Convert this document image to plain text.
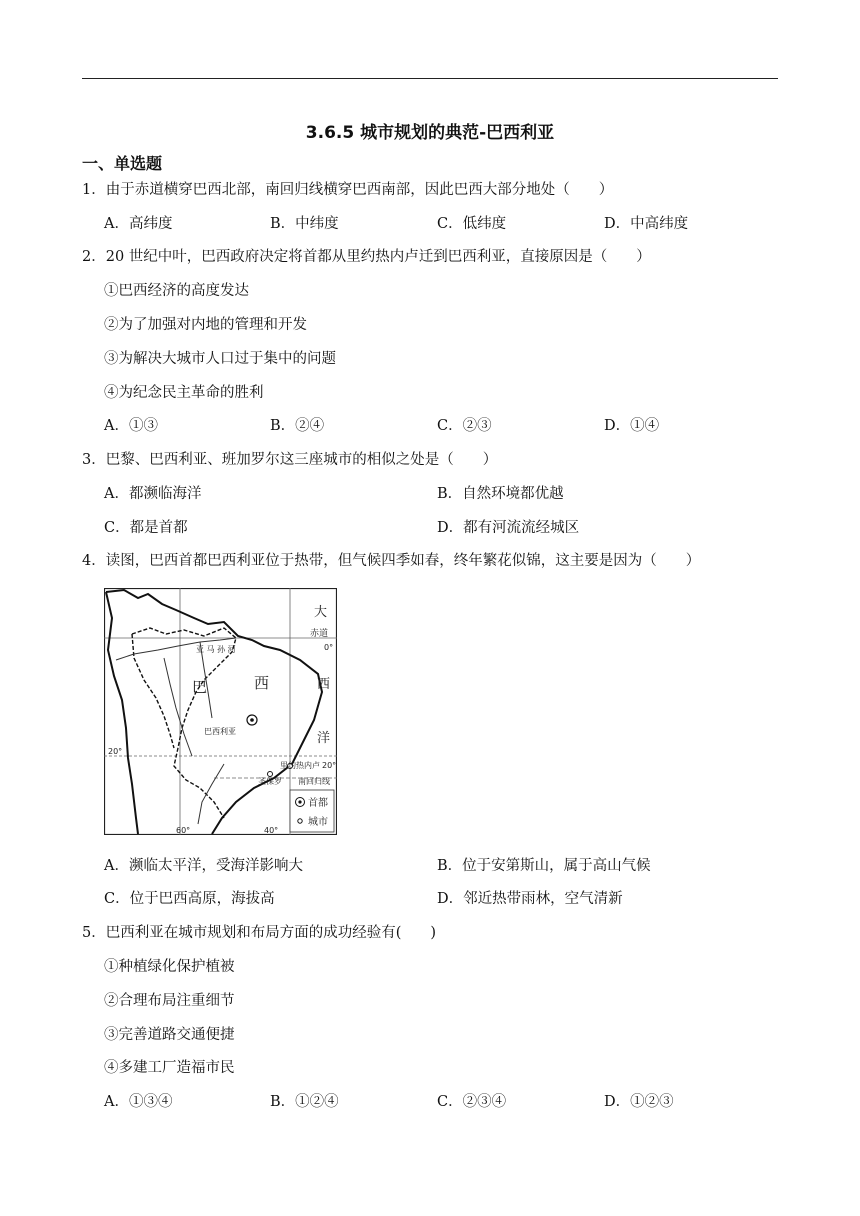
3.6.5 城市规划的典范-巴西利亚
一、单选题
1．由于赤道横穿巴西北部，南回归线横穿巴西南部，因此巴西大部分地处（　　）
A．高纬度	B．中纬度	C．低纬度	D．中高纬度
2．20 世纪中叶，巴西政府决定将首都从里约热内卢迁到巴西利亚，直接原因是（　　）
①巴西经济的高度发达
②为了加强对内地的管理和开发
③为解决大城市人口过于集中的问题
④为纪念民主革命的胜利
A．①③	B．②④	C．②③	D．①④
3．巴黎、巴西利亚、班加罗尔这三座城市的相似之处是（　　）
A．都濒临海洋	B．自然环境都优越
C．都是首都	D．都有河流流经城区
4．读图，巴西首都巴西利亚位于热带，但气候四季如春，终年繁花似锦，这主要是因为（　　）
大
赤道
0°
西
洋
亚 马 孙 河
巴	西
巴西利亚
里约热内卢 20°
圣保罗 南回归线
20°
60°	40°
首都
城市
A．濒临太平洋，受海洋影响大	B．位于安第斯山，属于高山气候
C．位于巴西高原，海拔高	D．邻近热带雨林，空气清新
5．巴西利亚在城市规划和布局方面的成功经验有(　　)
①种植绿化保护植被
②合理布局注重细节
③完善道路交通便捷
④多建工厂造福市民
A．①③④	B．①②④	C．②③④	D．①②③
